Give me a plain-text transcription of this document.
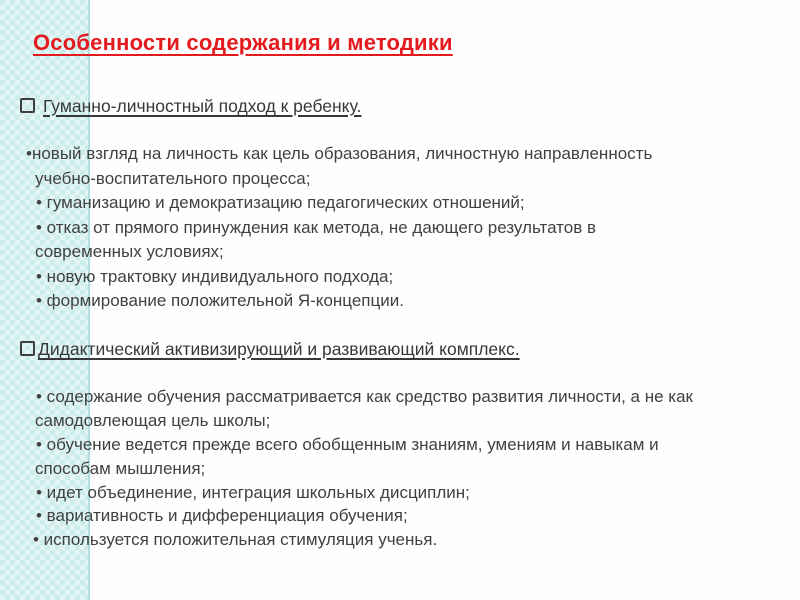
Особенности содержания и методики
Гуманно-личностный подход к ребенку.
•новый взгляд на личность как цель образования, личностную направленность
учебно-воспитательного процесса;
• гуманизацию и демократизацию педагогических отношений;
• отказ от прямого принуждения как метода, не дающего результатов в
современных условиях;
• новую трактовку индивидуального подхода;
• формирование положительной Я-концепции.
Дидактический активизирующий и развивающий комплекс.
• содержание обучения рассматривается как средство развития личности, а не как
самодовлеющая цель школы;
• обучение ведется прежде всего обобщенным знаниям, умениям и навыкам и
способам мышления;
• идет объединение, интеграция школьных дисциплин;
• вариативность и дифференциация обучения;
• используется положительная стимуляция ученья.
